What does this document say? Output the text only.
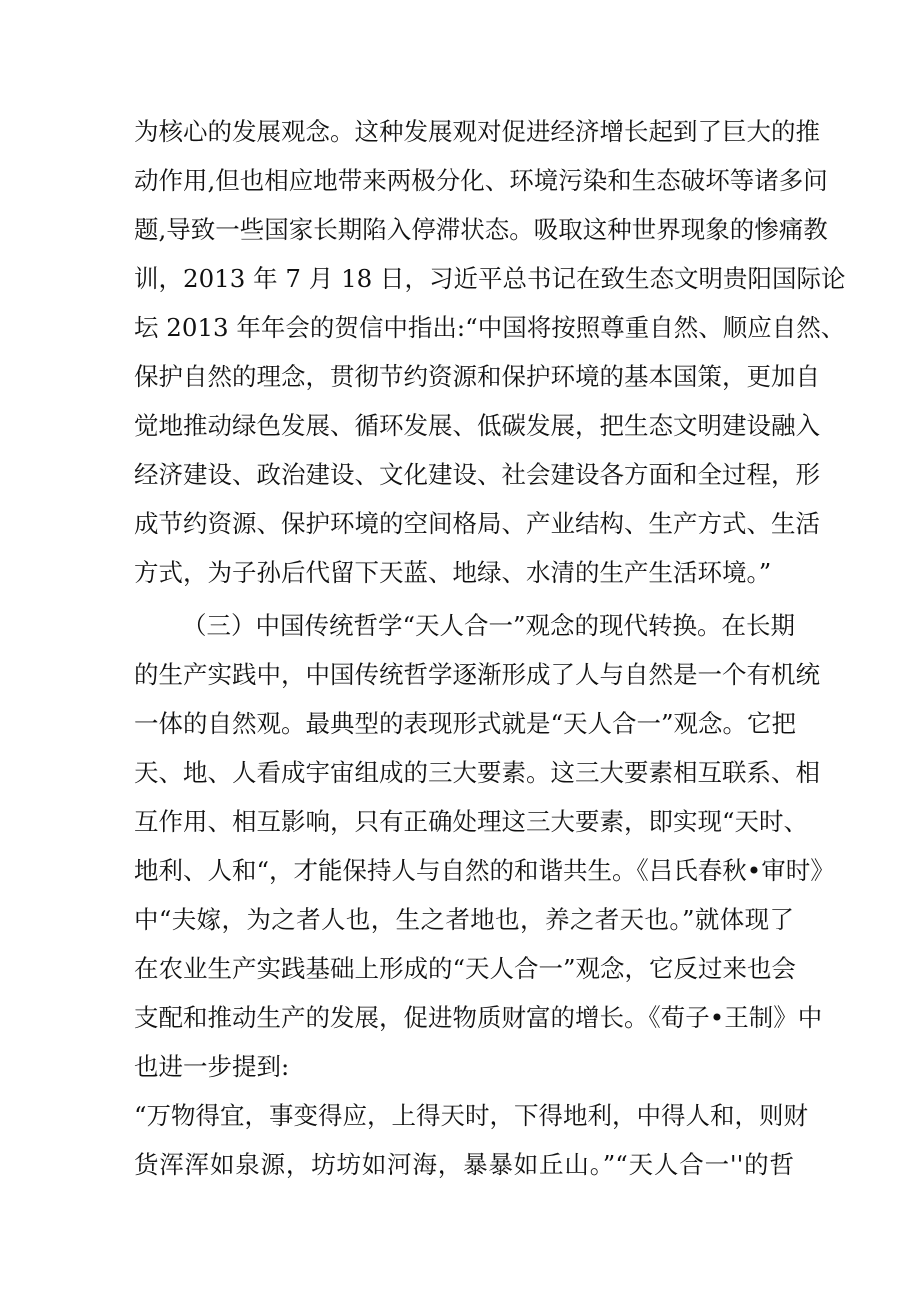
为核心的发展观念。这种发展观对促进经济增长起到了巨大的推
动作用,但也相应地带来两极分化、环境污染和生态破坏等诸多问
题,导致一些国家长期陷入停滞状态。吸取这种世界现象的惨痛教
训，2013 年 7 月 18 日，习近平总书记在致生态文明贵阳国际论
坛 2013 年年会的贺信中指出:“中国将按照尊重自然、顺应自然、
保护自然的理念，贯彻节约资源和保护环境的基本国策，更加自
觉地推动绿色发展、循环发展、低碳发展，把生态文明建设融入
经济建设、政治建设、文化建设、社会建设各方面和全过程，形
成节约资源、保护环境的空间格局、产业结构、生产方式、生活
方式，为子孙后代留下天蓝、地绿、水清的生产生活环境。”
（三）中国传统哲学“天人合一”观念的现代转换。在长期
的生产实践中，中国传统哲学逐渐形成了人与自然是一个有机统
一体的自然观。最典型的表现形式就是“天人合一”观念。它把
天、地、人看成宇宙组成的三大要素。这三大要素相互联系、相
互作用、相互影响，只有正确处理这三大要素，即实现“天时、
地利、人和“，才能保持人与自然的和谐共生。《吕氏春秋•审时》
中“夫嫁，为之者人也，生之者地也，养之者天也。”就体现了
在农业生产实践基础上形成的“天人合一”观念，它反过来也会
支配和推动生产的发展，促进物质财富的增长。《荀子•王制》中
也进一步提到:
“万物得宜，事变得应，上得天时，下得地利，中得人和，则财
货浑浑如泉源，坊坊如河海，暴暴如丘山。”“天人合一''的哲
